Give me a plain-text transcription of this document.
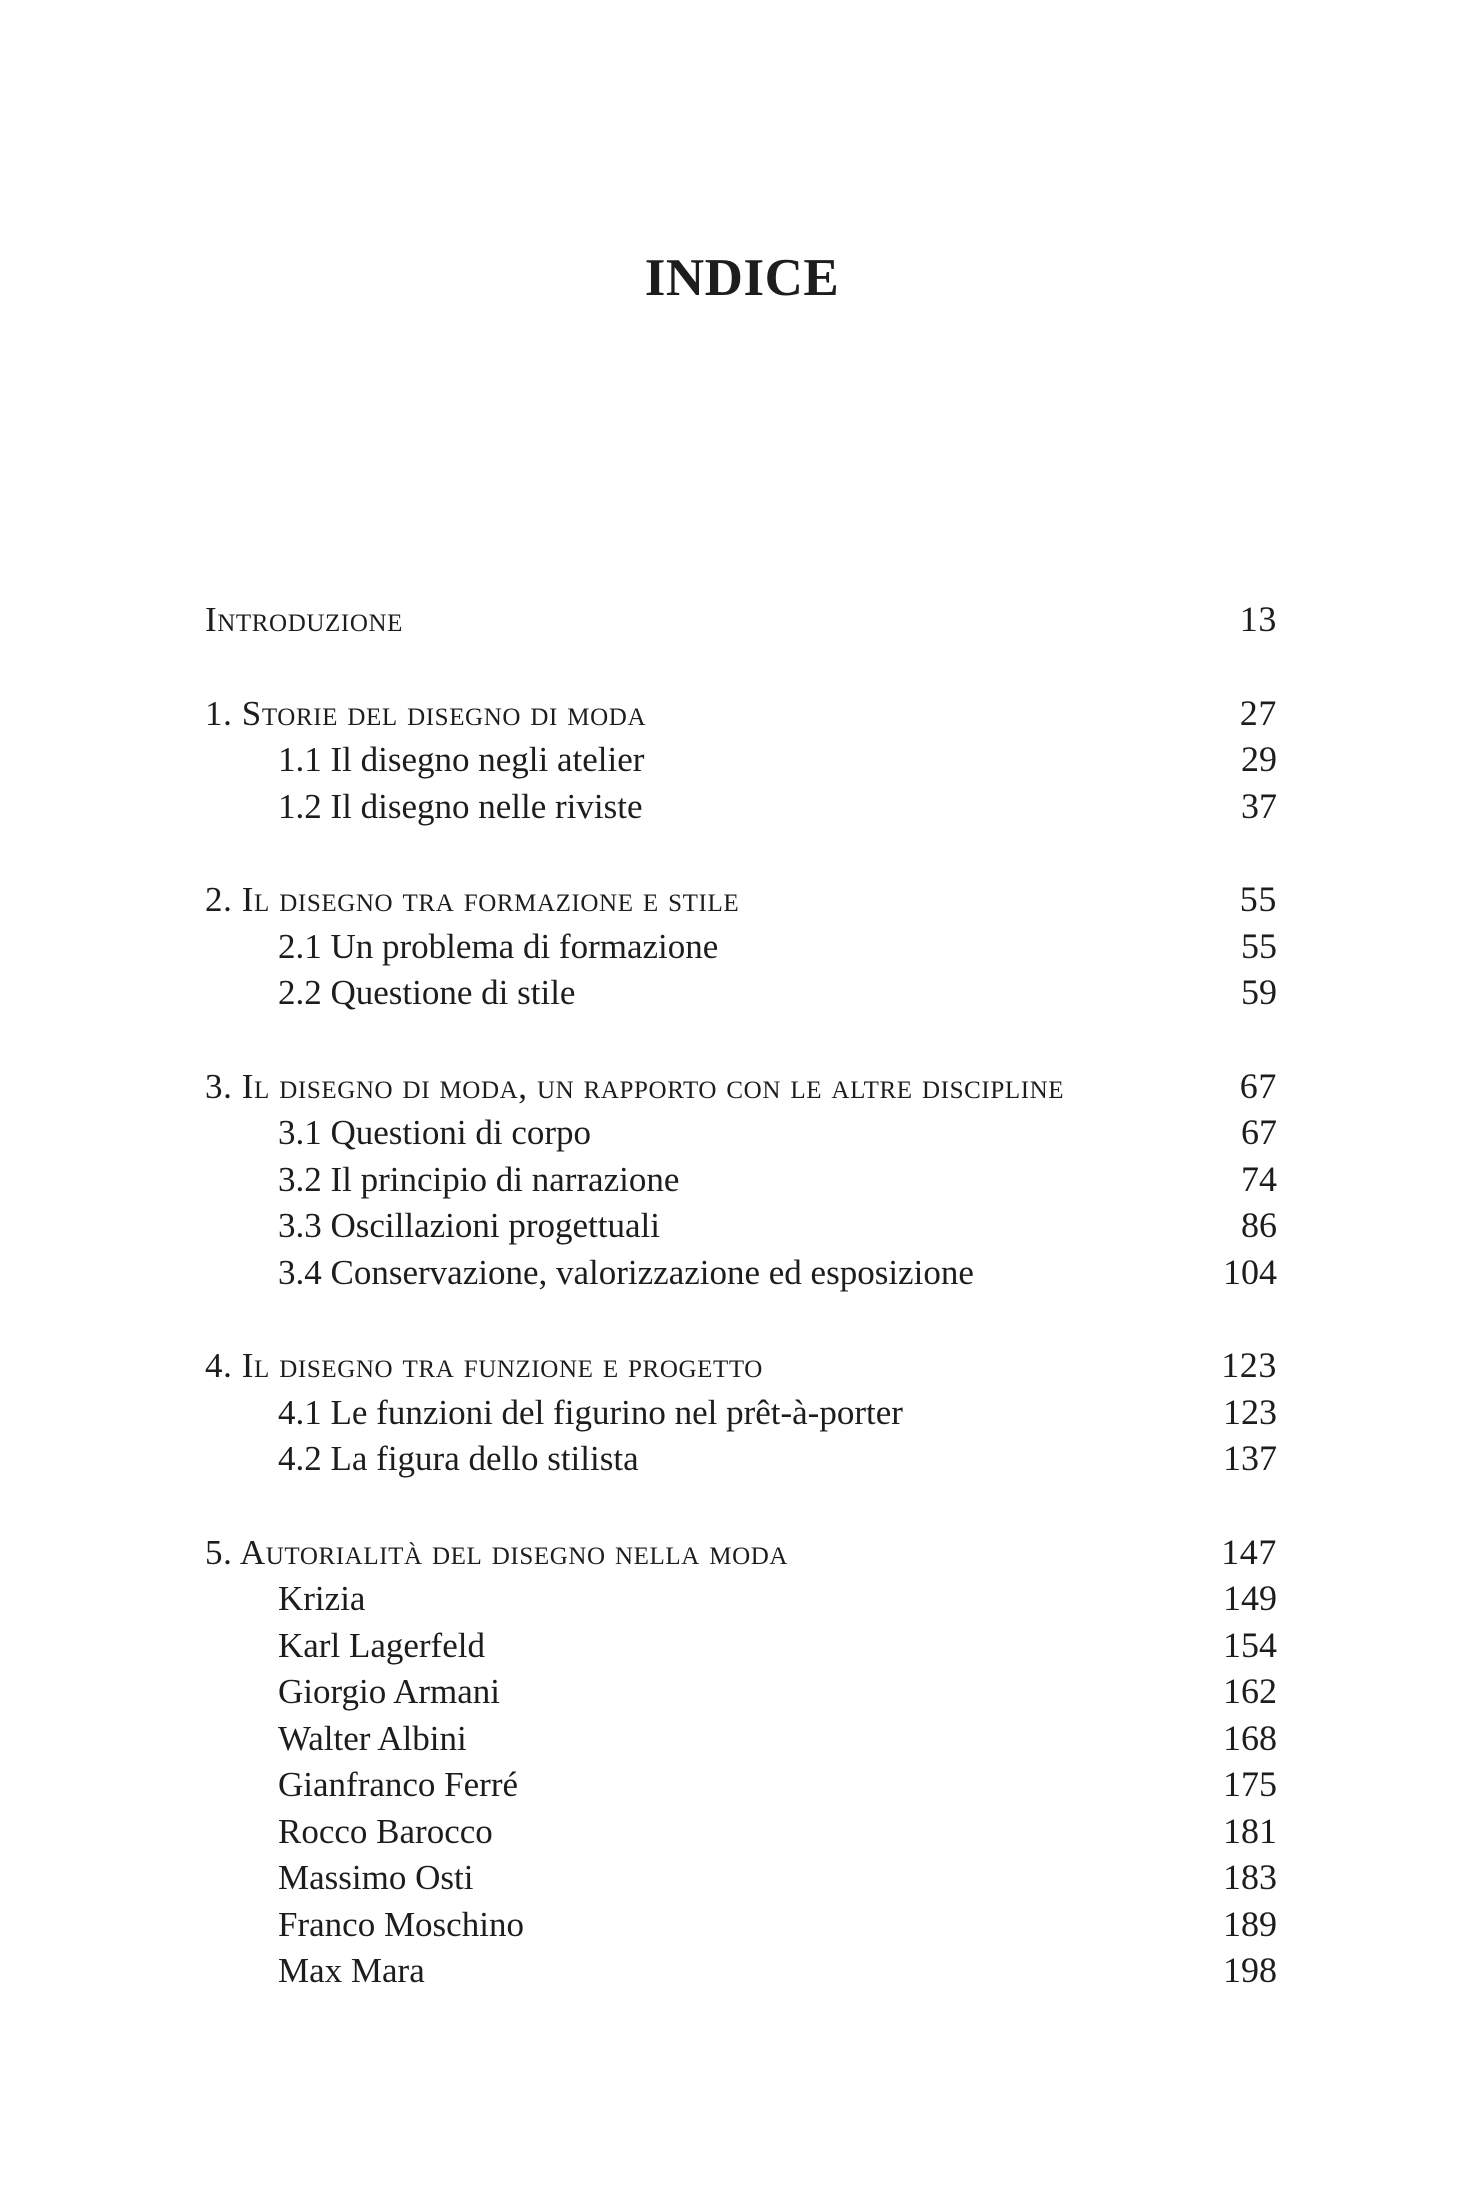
INDICE
Introduzione	13
1. Storie del disegno di moda	27
1.1 Il disegno negli atelier	29
1.2 Il disegno nelle riviste	37
2. Il disegno tra formazione e stile	55
2.1 Un problema di formazione	55
2.2 Questione di stile	59
3. Il disegno di moda, un rapporto con le altre discipline	67
3.1 Questioni di corpo	67
3.2 Il principio di narrazione	74
3.3 Oscillazioni progettuali	86
3.4 Conservazione, valorizzazione ed esposizione	104
4. Il disegno tra funzione e progetto	123
4.1 Le funzioni del figurino nel prêt-à-porter	123
4.2 La figura dello stilista	137
5. Autorialità del disegno nella moda	147
Krizia	149
Karl Lagerfeld	154
Giorgio Armani	162
Walter Albini	168
Gianfranco Ferré	175
Rocco Barocco	181
Massimo Osti	183
Franco Moschino	189
Max Mara	198
